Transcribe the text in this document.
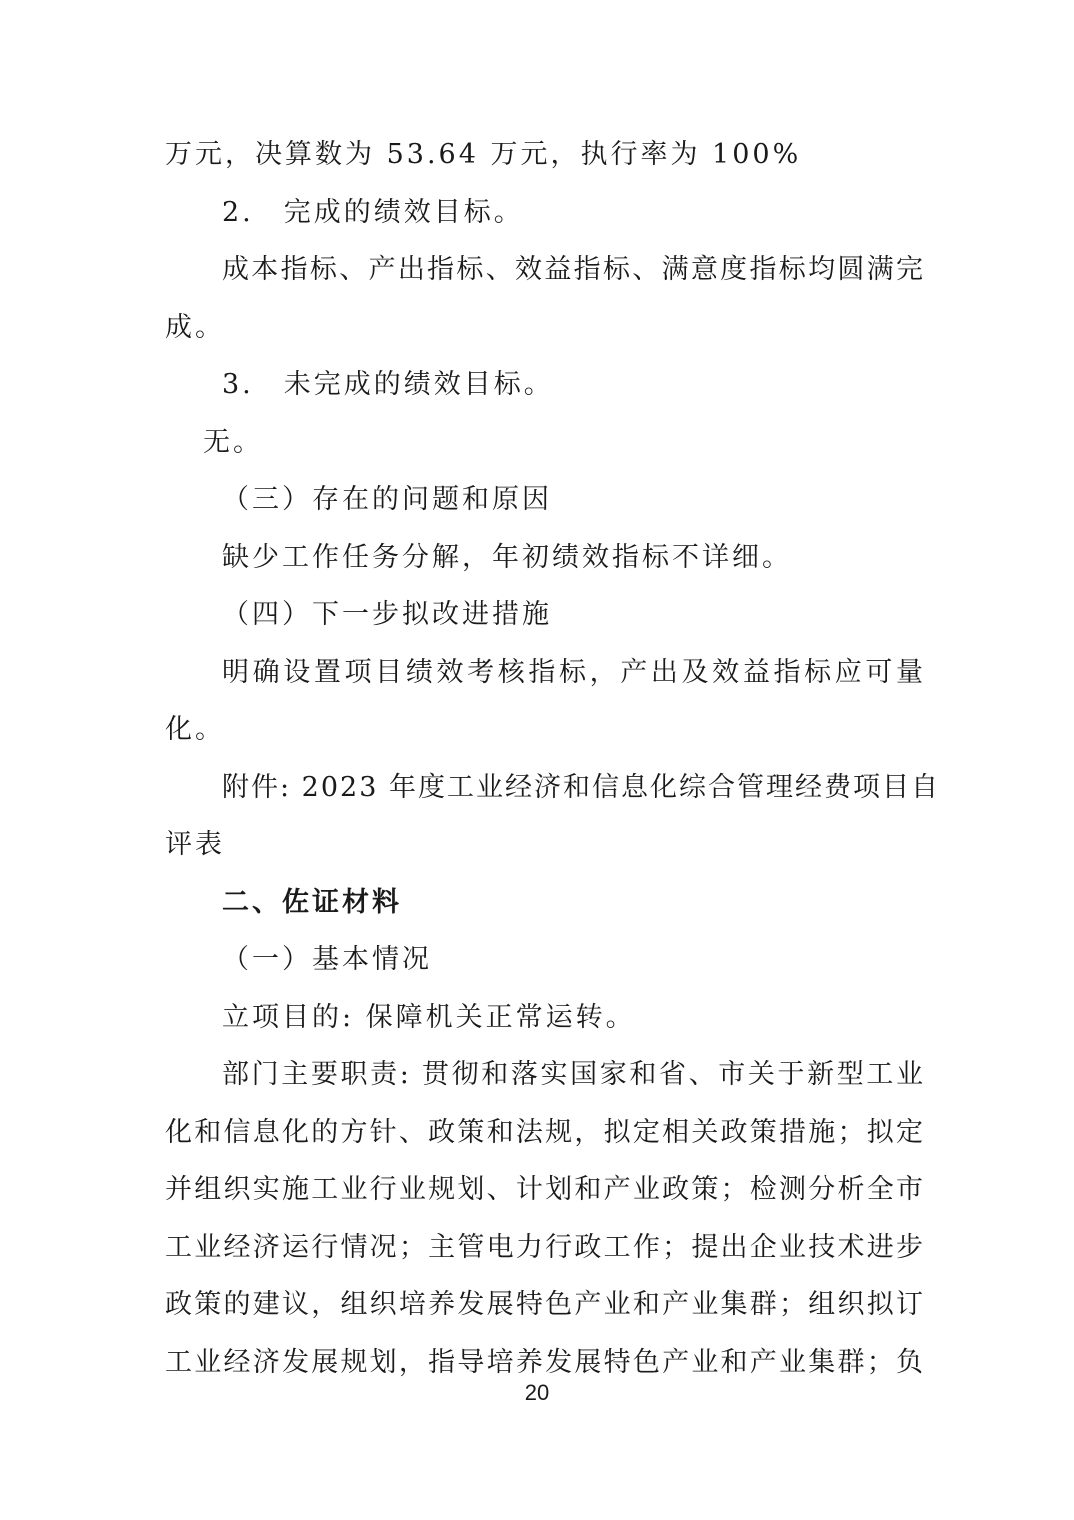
万元，决算数为 53.64 万元，执行率为 100%
2.　完成的绩效目标。
成本指标、产出指标、效益指标、满意度指标均圆满完
成。
3.　未完成的绩效目标。
无。
（三）存在的问题和原因
缺少工作任务分解，年初绩效指标不详细。
（四）下一步拟改进措施
明确设置项目绩效考核指标，产出及效益指标应可量
化。
附件: 2023 年度工业经济和信息化综合管理经费项目自
评表
二、佐证材料
（一）基本情况
立项目的: 保障机关正常运转。
部门主要职责: 贯彻和落实国家和省、市关于新型工业
化和信息化的方针、政策和法规，拟定相关政策措施；拟定
并组织实施工业行业规划、计划和产业政策；检测分析全市
工业经济运行情况；主管电力行政工作；提出企业技术进步
政策的建议，组织培养发展特色产业和产业集群；组织拟订
工业经济发展规划，指导培养发展特色产业和产业集群；负
20
